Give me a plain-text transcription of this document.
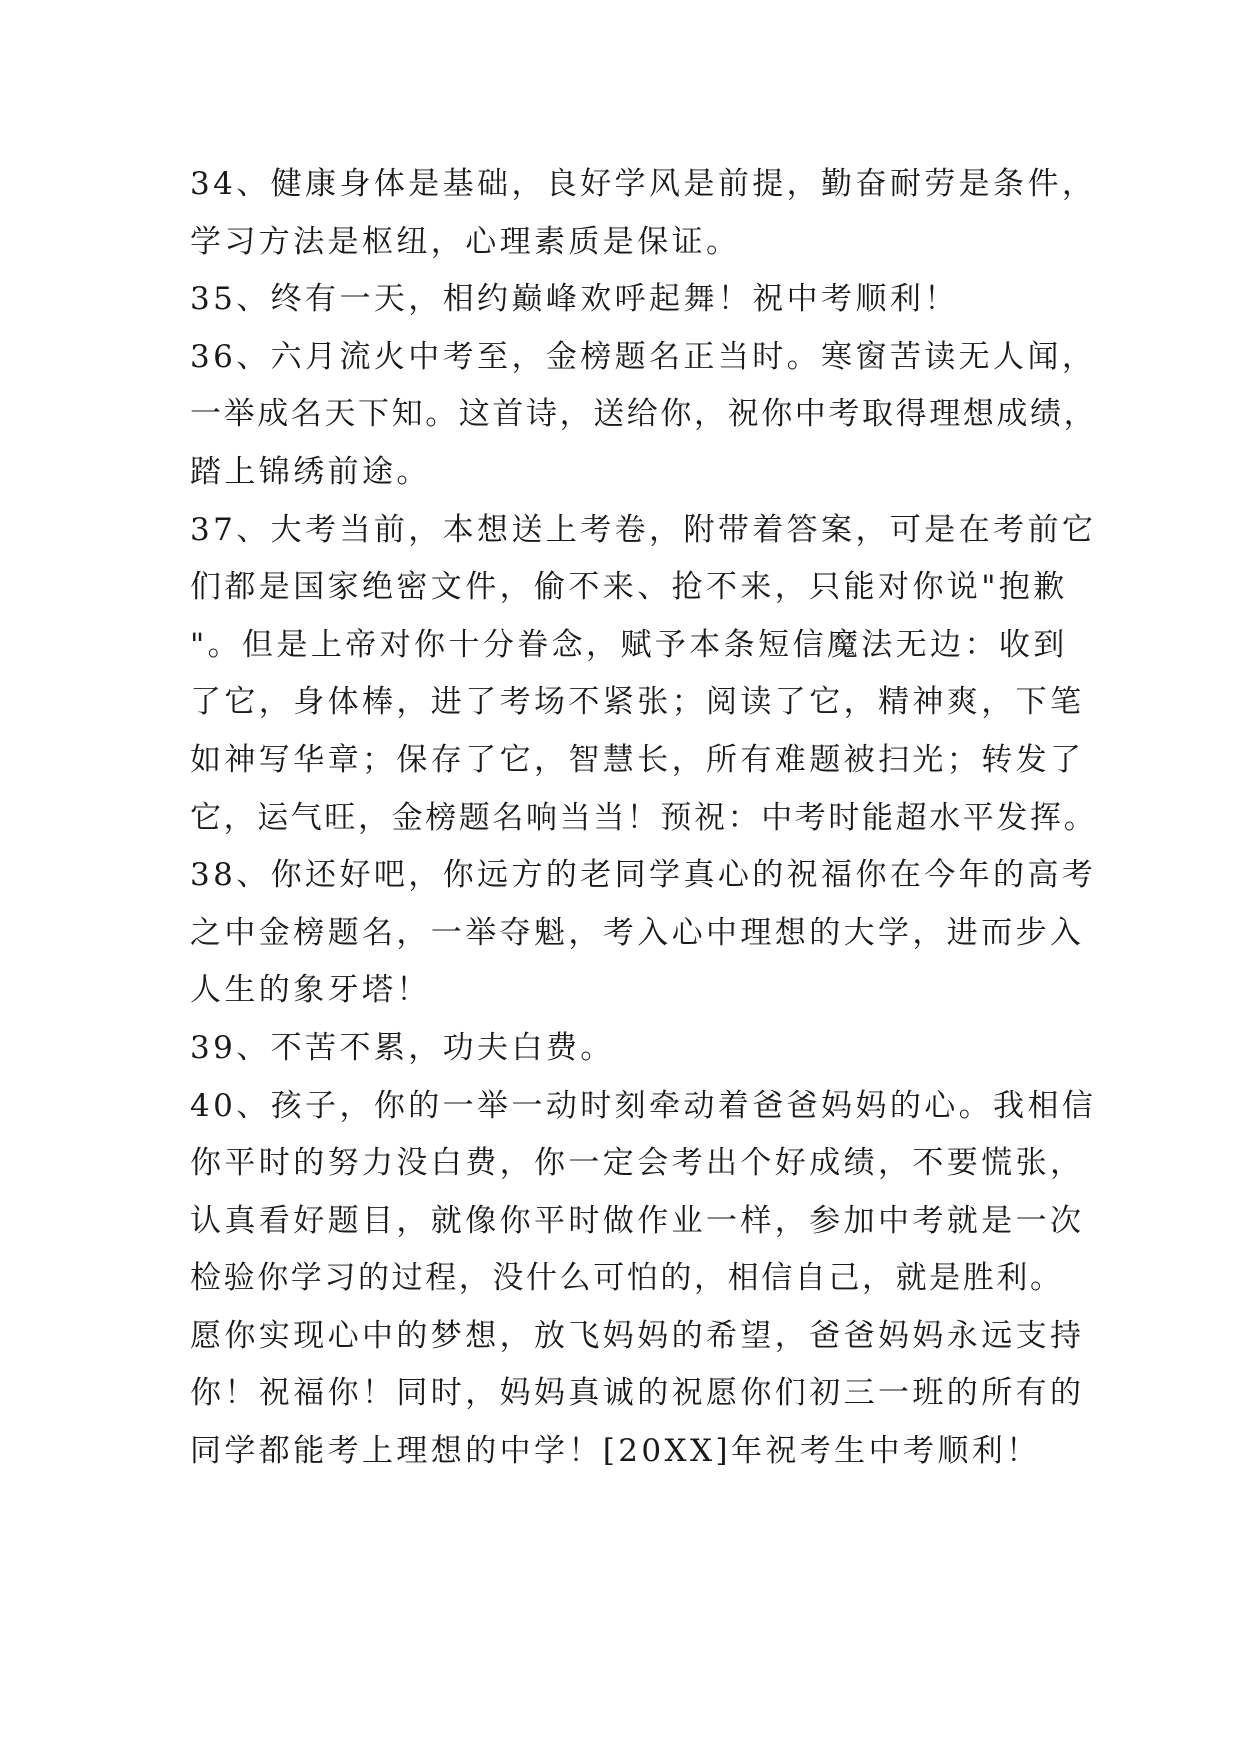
34、健康身体是基础，良好学风是前提，勤奋耐劳是条件，
学习方法是枢纽，心理素质是保证。
35、终有一天，相约巅峰欢呼起舞！祝中考顺利！
36、六月流火中考至，金榜题名正当时。寒窗苦读无人闻，
一举成名天下知。这首诗，送给你，祝你中考取得理想成绩，
踏上锦绣前途。
37、大考当前，本想送上考卷，附带着答案，可是在考前它
们都是国家绝密文件，偷不来、抢不来，只能对你说"抱歉
"。但是上帝对你十分眷念，赋予本条短信魔法无边：收到
了它，身体棒，进了考场不紧张；阅读了它，精神爽，下笔
如神写华章；保存了它，智慧长，所有难题被扫光；转发了
它，运气旺，金榜题名响当当！预祝：中考时能超水平发挥。
38、你还好吧，你远方的老同学真心的祝福你在今年的高考
之中金榜题名，一举夺魁，考入心中理想的大学，进而步入
人生的象牙塔！
39、不苦不累，功夫白费。
40、孩子，你的一举一动时刻牵动着爸爸妈妈的心。我相信
你平时的努力没白费，你一定会考出个好成绩，不要慌张，
认真看好题目，就像你平时做作业一样，参加中考就是一次
检验你学习的过程，没什么可怕的，相信自己，就是胜利。
愿你实现心中的梦想，放飞妈妈的希望，爸爸妈妈永远支持
你！祝福你！同时，妈妈真诚的祝愿你们初三一班的所有的
同学都能考上理想的中学！[20XX]年祝考生中考顺利！
